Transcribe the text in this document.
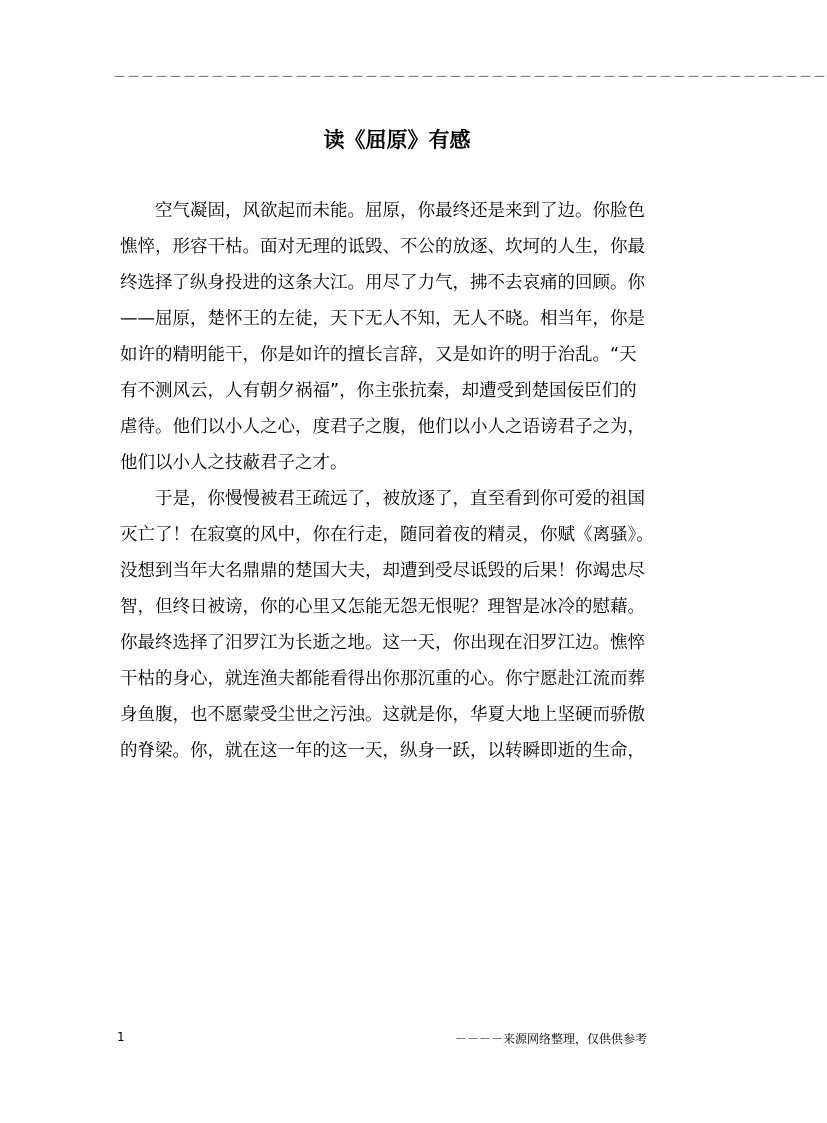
－－－－－－－－－－－－－－－－－－－－－－－－－－－－－－－－－－－－－－－－－－－－－－－－－－－
读《屈原》有感
空气凝固，风欲起而未能。屈原，你最终还是来到了边。你脸色
憔悴，形容干枯。面对无理的诋毁、不公的放逐、坎坷的人生，你最
终选择了纵身投进的这条大江。用尽了力气，拂不去哀痛的回顾。你
——屈原，楚怀王的左徒，天下无人不知，无人不晓。相当年，你是
如许的精明能干，你是如许的擅长言辞，又是如许的明于治乱。“天
有不测风云，人有朝夕祸福”，你主张抗秦，却遭受到楚国佞臣们的
虐待。他们以小人之心，度君子之腹，他们以小人之语谤君子之为，
他们以小人之技蔽君子之才。
于是，你慢慢被君王疏远了，被放逐了，直至看到你可爱的祖国
灭亡了！在寂寞的风中，你在行走，随同着夜的精灵，你赋《离骚》。
没想到当年大名鼎鼎的楚国大夫，却遭到受尽诋毁的后果！你竭忠尽
智，但终日被谤，你的心里又怎能无怨无恨呢？理智是冰冷的慰藉。
你最终选择了汨罗江为长逝之地。这一天，你出现在汨罗江边。憔悴
干枯的身心，就连渔夫都能看得出你那沉重的心。你宁愿赴江流而葬
身鱼腹，也不愿蒙受尘世之污浊。这就是你，华夏大地上坚硬而骄傲
的脊梁。你，就在这一年的这一天，纵身一跃，以转瞬即逝的生命，
1	－－－－来源网络整理，仅供供参考
